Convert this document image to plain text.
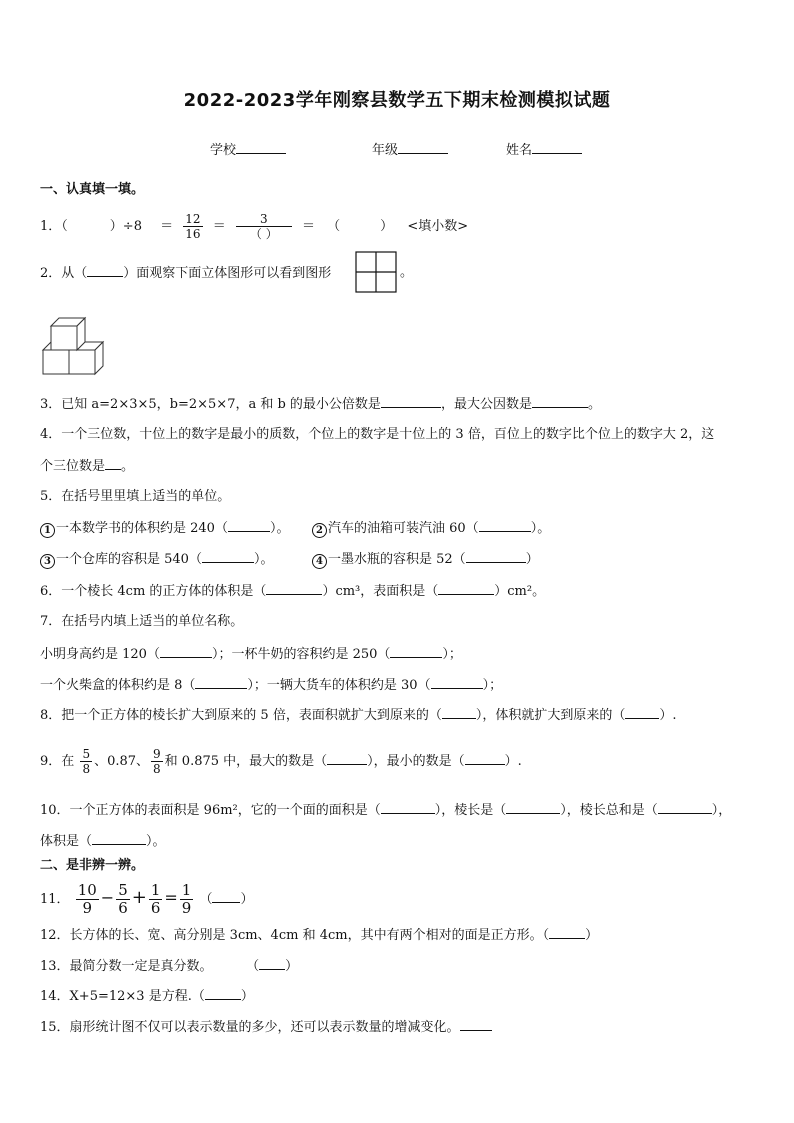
2022-2023学年刚察县数学五下期末检测模拟试题
学校	年级	姓名
一、认真填一填。
1．（	）$\div 8 = \frac{12}{16} = \frac{3}{( )}$ ＝ （	） <填小数>
2．从（	）面观察下面立体图形可以看到图形	。
3．已知 a=2×3×5，b=2×5×7，a 和 b 的最小公倍数是	，最大公因数是	。
4．一个三位数，十位上的数字是最小的质数，个位上的数字是十位上的 3 倍，百位上的数字比个位上的数字大 2，这
个三位数是 。
5．在括号里里填上适当的单位。
1 一本数学书的体积约是 240（	）。	2 汽车的油箱可装汽油 60（	）。
3 一个仓库的容积是 540（	）。	4 一墨水瓶的容积是 52（	）
6．一个棱长 4cm 的正方体的体积是（	）cm³，表面积是（	）cm²。
7．在括号内填上适当的单位名称。
小明身高约是 120（	）；一杯牛奶的容积约是 250（	）；
一个火柴盒的体积约是 8（	）；一辆大货车的体积约是 30（	）；
8．把一个正方体的棱长扩大到原来的 5 倍，表面积就扩大到原来的（	），体积就扩大到原来的（	）.
9．在 $\frac{5}{8}$ 、0.87、 $\frac{9}{8}$ 和 0.875 中，最大的数是（	），最小的数是（	）.
10．一个正方体的表面积是 96m²，它的一个面的面积是（	），棱长是（	），棱长总和是（	），
体积是（	）。
二、是非辨一辨。
11． $\frac{10}{9} - \frac{5}{6} + \frac{1}{6} = \frac{1}{9}$ （ ）
12．长方体的长、宽、高分别是 3cm、4cm 和 4cm，其中有两个相对的面是正方形。（	）
13．最简分数一定是真分数。	（ ）
14．X+5=12×3 是方程.（	）
15．扇形统计图不仅可以表示数量的多少，还可以表示数量的增减变化。
